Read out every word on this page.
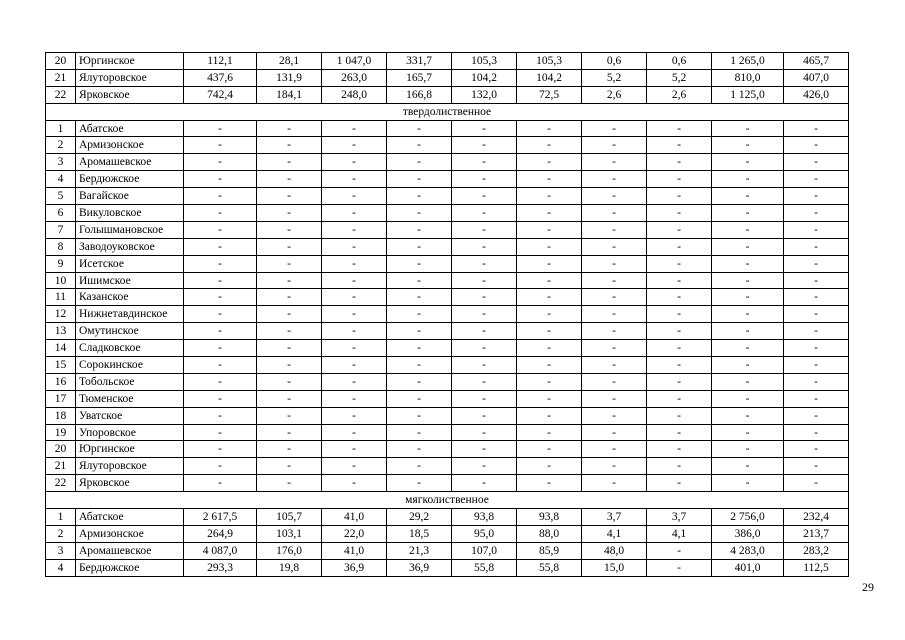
20	Юргинское	112,1	28,1	1 047,0	331,7	105,3	105,3	0,6	0,6	1 265,0	465,7
21	Ялуторовское	437,6	131,9	263,0	165,7	104,2	104,2	5,2	5,2	810,0	407,0
22	Ярковское	742,4	184,1	248,0	166,8	132,0	72,5	2,6	2,6	1 125,0	426,0
твердолиственное											
1	Абатское	-	-	-	-	-	-	-	-	-	-
2	Армизонское	-	-	-	-	-	-	-	-	-	-
3	Аромашевское	-	-	-	-	-	-	-	-	-	-
4	Бердюжское	-	-	-	-	-	-	-	-	-	-
5	Вагайское	-	-	-	-	-	-	-	-	-	-
6	Викуловское	-	-	-	-	-	-	-	-	-	-
7	Голышмановское	-	-	-	-	-	-	-	-	-	-
8	Заводоуковское	-	-	-	-	-	-	-	-	-	-
9	Исетское	-	-	-	-	-	-	-	-	-	-
10	Ишимское	-	-	-	-	-	-	-	-	-	-
11	Казанское	-	-	-	-	-	-	-	-	-	-
12	Нижнетавдинское	-	-	-	-	-	-	-	-	-	-
13	Омутинское	-	-	-	-	-	-	-	-	-	-
14	Сладковское	-	-	-	-	-	-	-	-	-	-
15	Сорокинское	-	-	-	-	-	-	-	-	-	-
16	Тобольское	-	-	-	-	-	-	-	-	-	-
17	Тюменское	-	-	-	-	-	-	-	-	-	-
18	Уватское	-	-	-	-	-	-	-	-	-	-
19	Упоровское	-	-	-	-	-	-	-	-	-	-
20	Юргинское	-	-	-	-	-	-	-	-	-	-
21	Ялуторовское	-	-	-	-	-	-	-	-	-	-
22	Ярковское	-	-	-	-	-	-	-	-	-	-
мягколиственное											
1	Абатское	2 617,5	105,7	41,0	29,2	93,8	93,8	3,7	3,7	2 756,0	232,4
2	Армизонское	264,9	103,1	22,0	18,5	95,0	88,0	4,1	4,1	386,0	213,7
3	Аромашевское	4 087,0	176,0	41,0	21,3	107,0	85,9	48,0	-	4 283,0	283,2
4	Бердюжское	293,3	19,8	36,9	36,9	55,8	55,8	15,0	-	401,0	112,5
29
